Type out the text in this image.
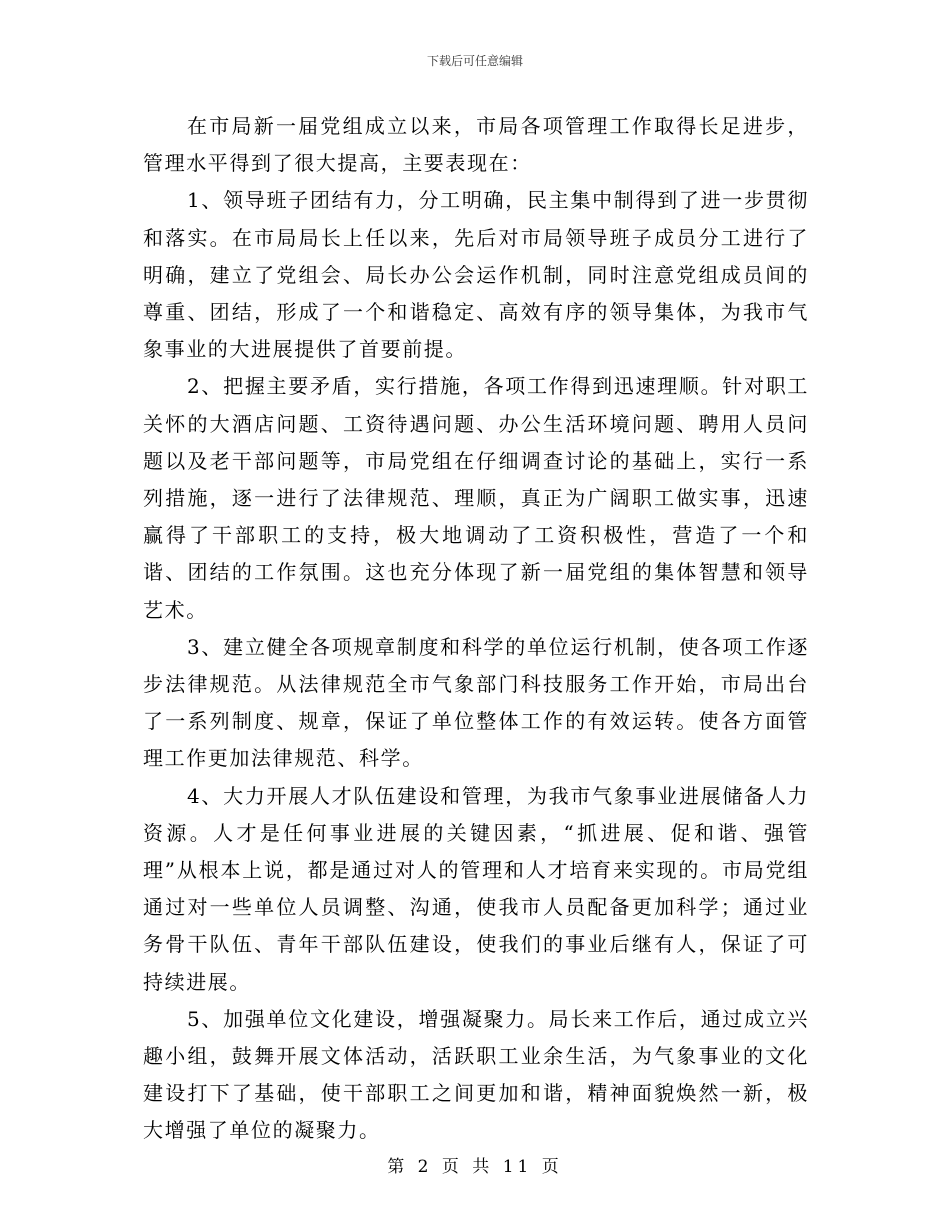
下载后可任意编辑

在市局新一届党组成立以来，市局各项管理工作取得长足进步，管理水平得到了很大提高，主要表现在：

1、领导班子团结有力，分工明确，民主集中制得到了进一步贯彻和落实。在市局局长上任以来，先后对市局领导班子成员分工进行了明确，建立了党组会、局长办公会运作机制，同时注意党组成员间的尊重、团结，形成了一个和谐稳定、高效有序的领导集体，为我市气象事业的大进展提供了首要前提。

2、把握主要矛盾，实行措施，各项工作得到迅速理顺。针对职工关怀的大酒店问题、工资待遇问题、办公生活环境问题、聘用人员问题以及老干部问题等，市局党组在仔细调查讨论的基础上，实行一系列措施，逐一进行了法律规范、理顺，真正为广阔职工做实事，迅速赢得了干部职工的支持，极大地调动了工资积极性，营造了一个和谐、团结的工作氛围。这也充分体现了新一届党组的集体智慧和领导艺术。

3、建立健全各项规章制度和科学的单位运行机制，使各项工作逐步法律规范。从法律规范全市气象部门科技服务工作开始，市局出台了一系列制度、规章，保证了单位整体工作的有效运转。使各方面管理工作更加法律规范、科学。

4、大力开展人才队伍建设和管理，为我市气象事业进展储备人力资源。人才是任何事业进展的关键因素，“抓进展、促和谐、强管理”从根本上说，都是通过对人的管理和人才培育来实现的。市局党组通过对一些单位人员调整、沟通，使我市人员配备更加科学；通过业务骨干队伍、青年干部队伍建设，使我们的事业后继有人，保证了可持续进展。

5、加强单位文化建设，增强凝聚力。局长来工作后，通过成立兴趣小组，鼓舞开展文体活动，活跃职工业余生活，为气象事业的文化建设打下了基础，使干部职工之间更加和谐，精神面貌焕然一新，极大增强了单位的凝聚力。

第 2 页 共 11 页
